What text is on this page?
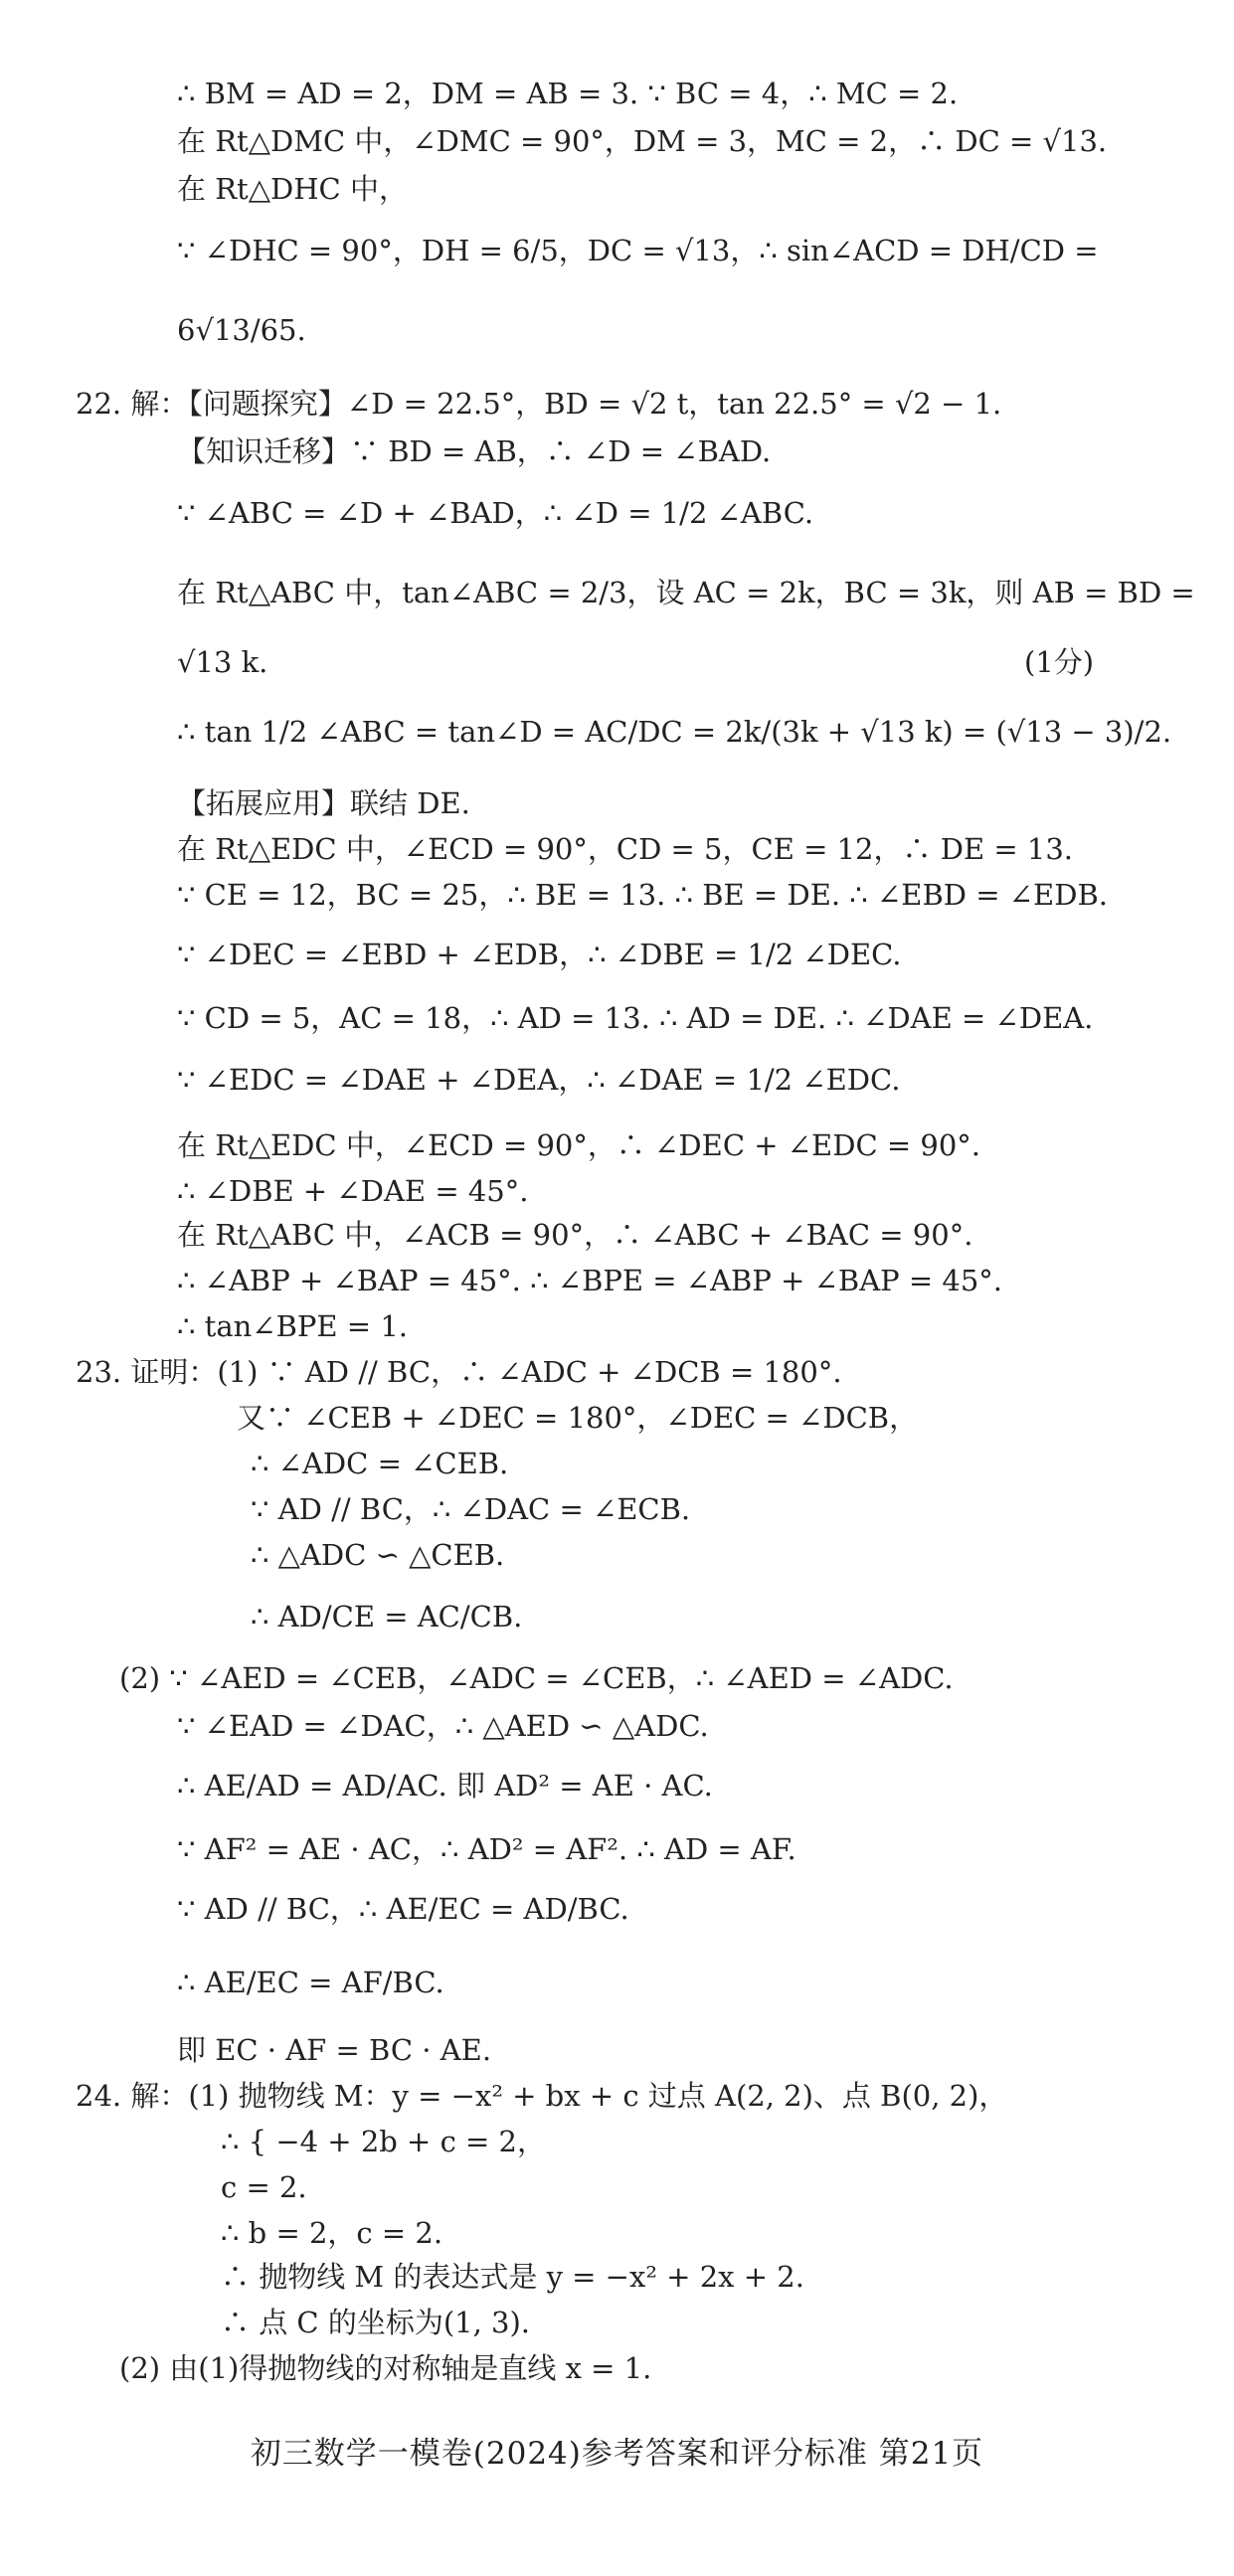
∴ BM = AD = 2，DM = AB = 3. ∵ BC = 4，∴ MC = 2.
在 Rt△DMC 中，∠DMC = 90°，DM = 3，MC = 2，∴ DC = √13.
在 Rt△DHC 中，
∵ ∠DHC = 90°，DH = 6/5，DC = √13，∴ sin∠ACD = DH/CD =
6√13/65.
22. 解：【问题探究】∠D = 22.5°，BD = √2 t，tan 22.5° = √2 − 1.
【知识迁移】∵ BD = AB，∴ ∠D = ∠BAD.
∵ ∠ABC = ∠D + ∠BAD，∴ ∠D = 1/2 ∠ABC.
在 Rt△ABC 中，tan∠ABC = 2/3，设 AC = 2k，BC = 3k，则 AB = BD =
√13 k.	(1分)
∴ tan 1/2 ∠ABC = tan∠D = AC/DC = 2k/(3k + √13 k) = (√13 − 3)/2.
【拓展应用】联结 DE.
在 Rt△EDC 中，∠ECD = 90°，CD = 5，CE = 12，∴ DE = 13.
∵ CE = 12，BC = 25，∴ BE = 13. ∴ BE = DE. ∴ ∠EBD = ∠EDB.
∵ ∠DEC = ∠EBD + ∠EDB，∴ ∠DBE = 1/2 ∠DEC.
∵ CD = 5，AC = 18，∴ AD = 13. ∴ AD = DE. ∴ ∠DAE = ∠DEA.
∵ ∠EDC = ∠DAE + ∠DEA，∴ ∠DAE = 1/2 ∠EDC.
在 Rt△EDC 中，∠ECD = 90°，∴ ∠DEC + ∠EDC = 90°.
∴ ∠DBE + ∠DAE = 45°.
在 Rt△ABC 中，∠ACB = 90°，∴ ∠ABC + ∠BAC = 90°.
∴ ∠ABP + ∠BAP = 45°. ∴ ∠BPE = ∠ABP + ∠BAP = 45°.
∴ tan∠BPE = 1.
23. 证明：(1) ∵ AD // BC，∴ ∠ADC + ∠DCB = 180°.
又∵ ∠CEB + ∠DEC = 180°，∠DEC = ∠DCB，
∴ ∠ADC = ∠CEB.
∵ AD // BC，∴ ∠DAC = ∠ECB.
∴ △ADC ∽ △CEB.
∴ AD/CE = AC/CB.
(2) ∵ ∠AED = ∠CEB，∠ADC = ∠CEB，∴ ∠AED = ∠ADC.
∵ ∠EAD = ∠DAC，∴ △AED ∽ △ADC.
∴ AE/AD = AD/AC. 即 AD² = AE · AC.
∵ AF² = AE · AC，∴ AD² = AF². ∴ AD = AF.
∵ AD // BC，∴ AE/EC = AD/BC.
∴ AE/EC = AF/BC.
即 EC · AF = BC · AE.
24. 解：(1) 抛物线 M：y = −x² + bx + c 过点 A(2, 2)、点 B(0, 2)，
∴ { −4 + 2b + c = 2，
c = 2.
∴ b = 2，c = 2.
∴ 抛物线 M 的表达式是 y = −x² + 2x + 2.
∴ 点 C 的坐标为(1, 3).
(2) 由(1)得抛物线的对称轴是直线 x = 1.
初三数学一模卷(2024)参考答案和评分标准 第21页
